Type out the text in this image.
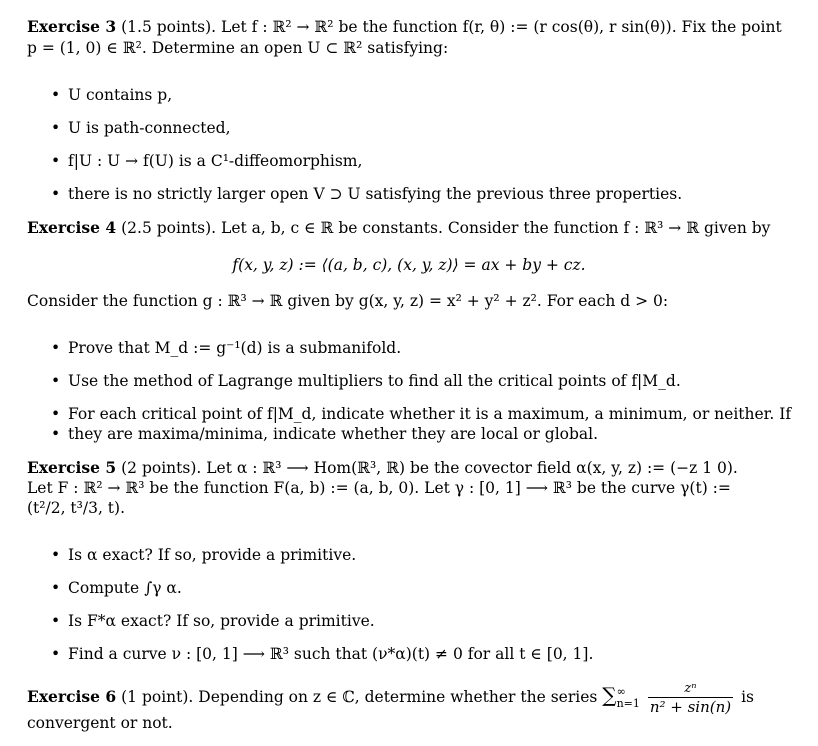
Exercise 3 (1.5 points). Let f : ℝ² → ℝ² be the function f(r, θ) := (r cos(θ), r sin(θ)). Fix the point
p = (1, 0) ∈ ℝ². Determine an open U ⊂ ℝ² satisfying:
• U contains p,
• U is path-connected,
• f|U : U → f(U) is a C¹-diffeomorphism,
• there is no strictly larger open V ⊃ U satisfying the previous three properties.
Exercise 4 (2.5 points). Let a, b, c ∈ ℝ be constants. Consider the function f : ℝ³ → ℝ given by
f(x, y, z) := ⟨(a, b, c), (x, y, z)⟩ = ax + by + cz.
Consider the function g : ℝ³ → ℝ given by g(x, y, z) = x² + y² + z². For each d > 0:
• Prove that M_d := g⁻¹(d) is a submanifold.
• Use the method of Lagrange multipliers to find all the critical points of f|M_d.
• For each critical point of f|M_d, indicate whether it is a maximum, a minimum, or neither. If
• they are maxima/minima, indicate whether they are local or global.
Exercise 5 (2 points). Let α : ℝ³ ⟶ Hom(ℝ³, ℝ) be the covector field α(x, y, z) := (−z 1 0).
Let F : ℝ² → ℝ³ be the function F(a, b) := (a, b, 0). Let γ : [0, 1] ⟶ ℝ³ be the curve γ(t) :=
(t²/2, t³/3, t).
• Is α exact? If so, provide a primitive.
• Compute ∫γ α.
• Is F*α exact? If so, provide a primitive.
• Find a curve ν : [0, 1] ⟶ ℝ³ such that (ν*α)(t) ≠ 0 for all t ∈ [0, 1].
Exercise 6 (1 point). Depending on z ∈ ℂ, determine whether the series ∑ ∞
n=1
$\frac{\text{zⁿ}}{\text{n² + sin(n)}}$ is
convergent or not.
